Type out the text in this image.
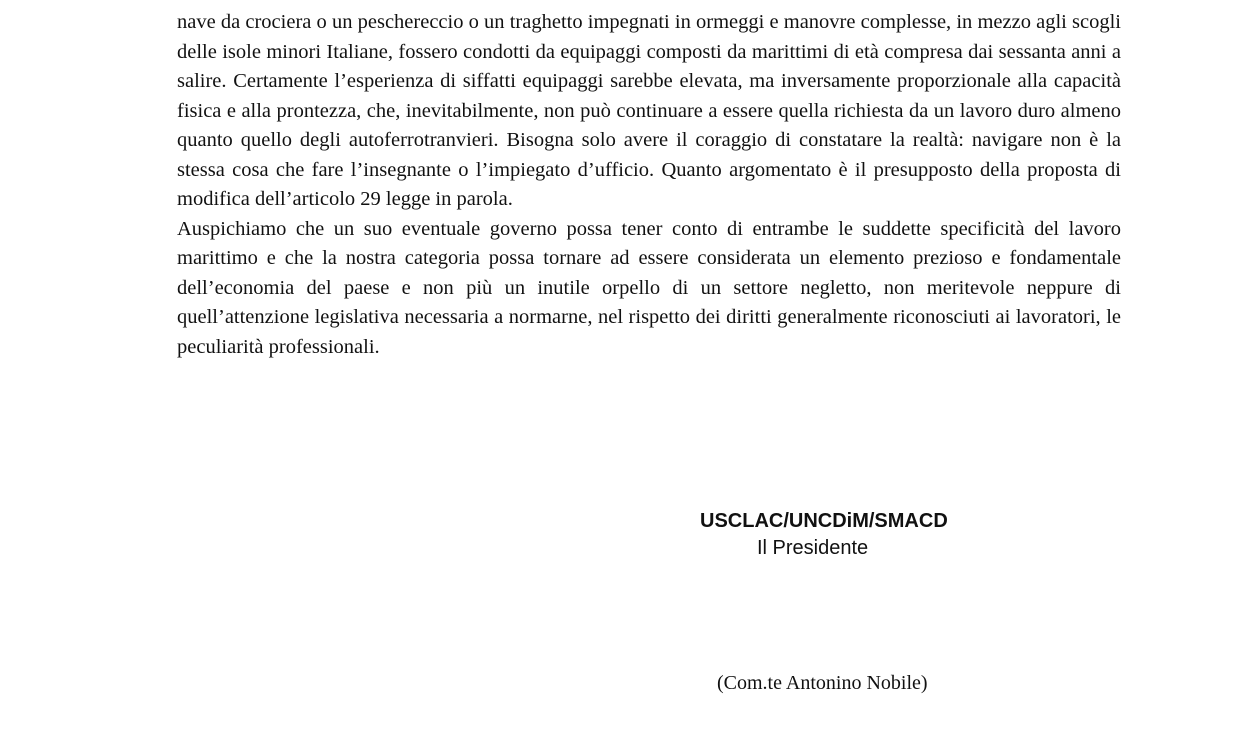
nave da crociera o un peschereccio o un traghetto impegnati in ormeggi e manovre complesse, in mezzo agli scogli delle isole minori Italiane, fossero condotti da equipaggi composti da marittimi di età compresa dai sessanta anni a salire. Certamente l’esperienza di siffatti equipaggi sarebbe elevata, ma inversamente proporzionale alla capacità fisica e alla prontezza, che, inevitabilmente, non può continuare a essere quella richiesta da un lavoro duro almeno quanto quello degli autoferrotranvieri. Bisogna solo avere il coraggio di constatare la realtà: navigare non è la stessa cosa che fare l’insegnante o l’impiegato d’ufficio. Quanto argomentato è il presupposto della proposta di modifica dell’articolo 29 legge in parola.

Auspichiamo che un suo eventuale governo possa tener conto di entrambe le suddette specificità del lavoro marittimo e che la nostra categoria possa tornare ad essere considerata un elemento prezioso e fondamentale dell’economia del paese e non più un inutile orpello di un settore negletto, non meritevole neppure di quell’attenzione legislativa necessaria a normarne, nel rispetto dei diritti generalmente riconosciuti ai lavoratori, le peculiarità professionali.

USCLAC/UNCDiM/SMACD
Il Presidente
(Com.te Antonino Nobile)
